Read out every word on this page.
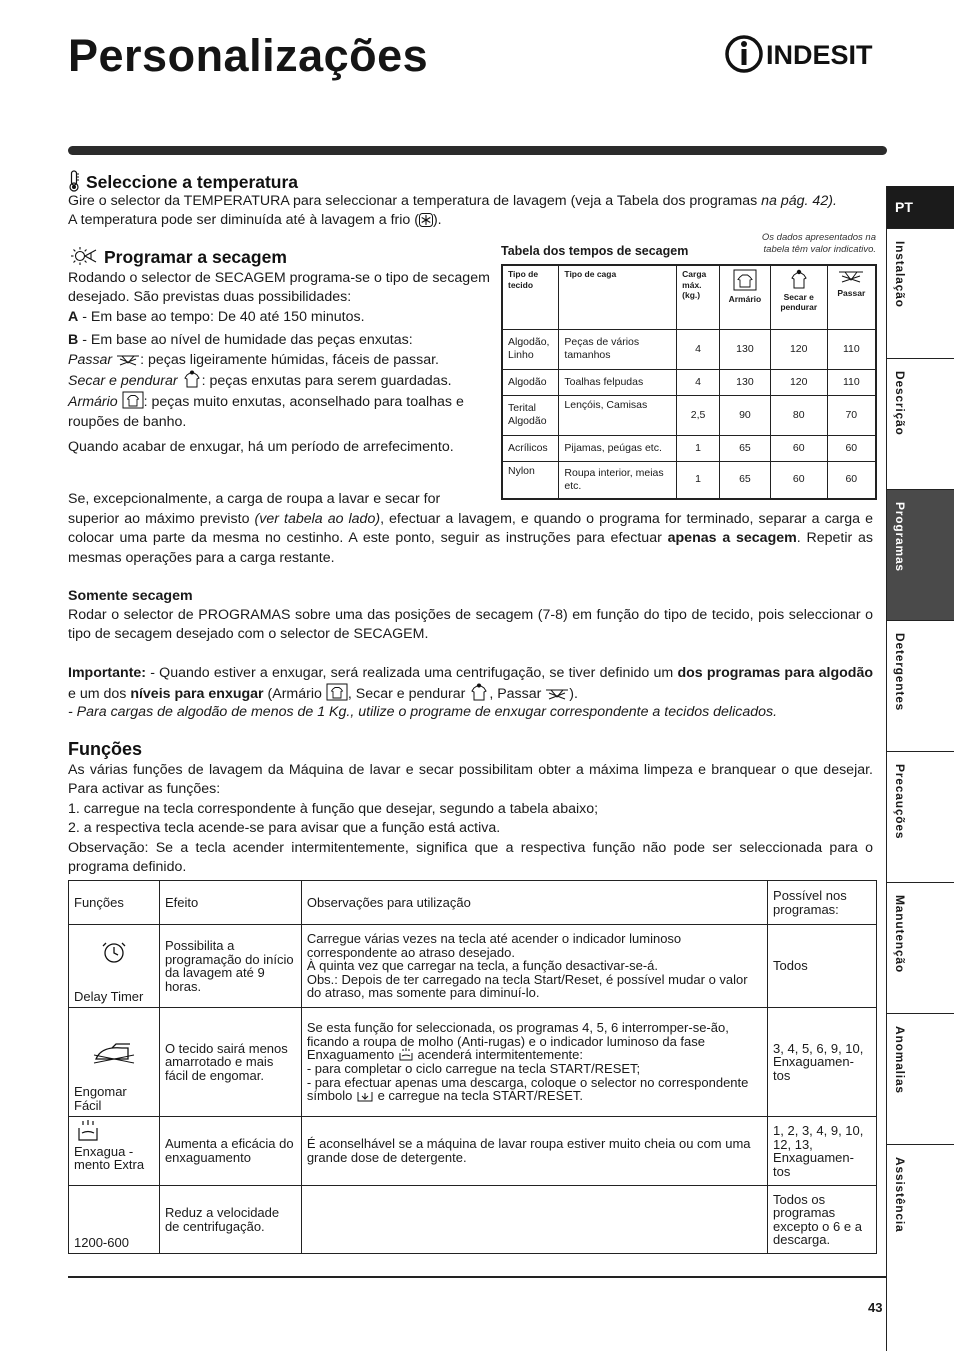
Personalizações	INDESIT
PT
Instalação
Descrição
Programas
Detergentes
Precauções
Manutenção
Anomalias
Assistência
Seleccione a temperatura

Gire o selector da TEMPERATURA para seleccionar a temperatura de lavagem (veja a Tabela dos programas na pág. 42).

A temperatura pode ser diminuída até à lavagem a frio ( ).

Programar a secagem

Rodando o selector de SECAGEM programa-se o tipo de secagem desejado. São previstas duas possibilidades:

A - Em base ao tempo: De 40 até 150 minutos.

B - Em base ao nível de humidade das peças enxutas:

Passar : peças ligeiramente húmidas, fáceis de passar.

Secar e pendurar : peças enxutas para serem guardadas.

Armário : peças muito enxutas, aconselhado para toalhas e roupões de banho.

Quando acabar de enxugar, há um período de arrefecimento.

Se, excepcionalmente, a carga de roupa a lavar e secar for
superior ao máximo previsto (ver tabela ao lado), efectuar a lavagem, e quando o programa for terminado, separar a carga e colocar uma parte da mesma no cestinho. A este ponto, seguir as instruções para efectuar apenas a secagem. Repetir as mesmas operações para a carga restante.
Tabela dos tempos de secagem
Os dados apresentados na tabela têm valor indicativo.
Tipo de tecido	Tipo de caga	Carga máx. (kg.)	Armário	Secar e pendurar	Passar
Algodão, Linho	Peças de vários tamanhos	4	130	120	110
Algodão	Toalhas felpudas	4	130	120	110
Terital Algodão	Lençóis, Camisas	2,5	90	80	70
Acrílicos	Pijamas, peúgas etc.	1	65	60	60
Nylon	Roupa interior, meias etc.	1	65	60	60
Somente secagem
Rodar o selector de PROGRAMAS sobre uma das posições de secagem (7-8) em função do tipo de tecido, pois seleccionar o tipo de secagem desejado com o selector de SECAGEM.
Importante: - Quando estiver a enxugar, será realizada uma centrifugação, se tiver definido um dos programas para algodão e um dos níveis para enxugar (Armário
, Secar e pendurar
, Passar
).
- Para cargas de algodão de menos de 1 Kg., utilize o programe de enxugar correspondente a tecidos delicados.
Funções

As várias funções de lavagem da Máquina de lavar e secar possibilitam obter a máxima limpeza e branquear o que desejar. Para activar as funções:

1. carregue na tecla correspondente à função que desejar, segundo a tabela abaixo;

2. a respectiva tecla acende-se para avisar que a função está activa.

Observação: Se a tecla acender intermitentemente, significa que a respectiva função não pode ser seleccionada para o programa definido.

Funções	Efeito	Observações para utilização	Possível nos programas:

Delay Timer	Possibilita a programação do início da lavagem até 9 horas.	Carregue várias vezes na tecla até acender o indicador luminoso correspondente ao atraso desejado.
À quinta vez que carregar na tecla, a função desactivar-se-á.
Obs.: Depois de ter carregado na tecla Start/Reset, é possível mudar o valor do atraso, mas somente para diminuí-lo.	Todos

Engomar Fácil	O tecido sairá menos amarrotado e mais fácil de engomar.	Se esta função for seleccionada, os programas 4, 5, 6 interromper-se-ão, ficando a roupa de molho (Anti-rugas) e o indicador luminoso da fase Enxaguamento
acenderá intermitentemente:
- para completar o ciclo carregue na tecla START/RESET;
- para efectuar apenas uma descarga, coloque o selector no correspondente símbolo
e carregue na tecla START/RESET.	3, 4, 5, 6, 9, 10, Enxaguamen-tos

Enxagua - mento Extra	Aumenta a eficácia do enxaguamento	É aconselhável se a máquina de lavar roupa estiver muito cheia ou com uma grande dose de detergente.	1, 2, 3, 4, 9, 10, 12, 13, Enxaguamen-tos
1200-600	Reduz a velocidade de centrifugação.		Todos os programas excepto o 6 e a descarga.
43
